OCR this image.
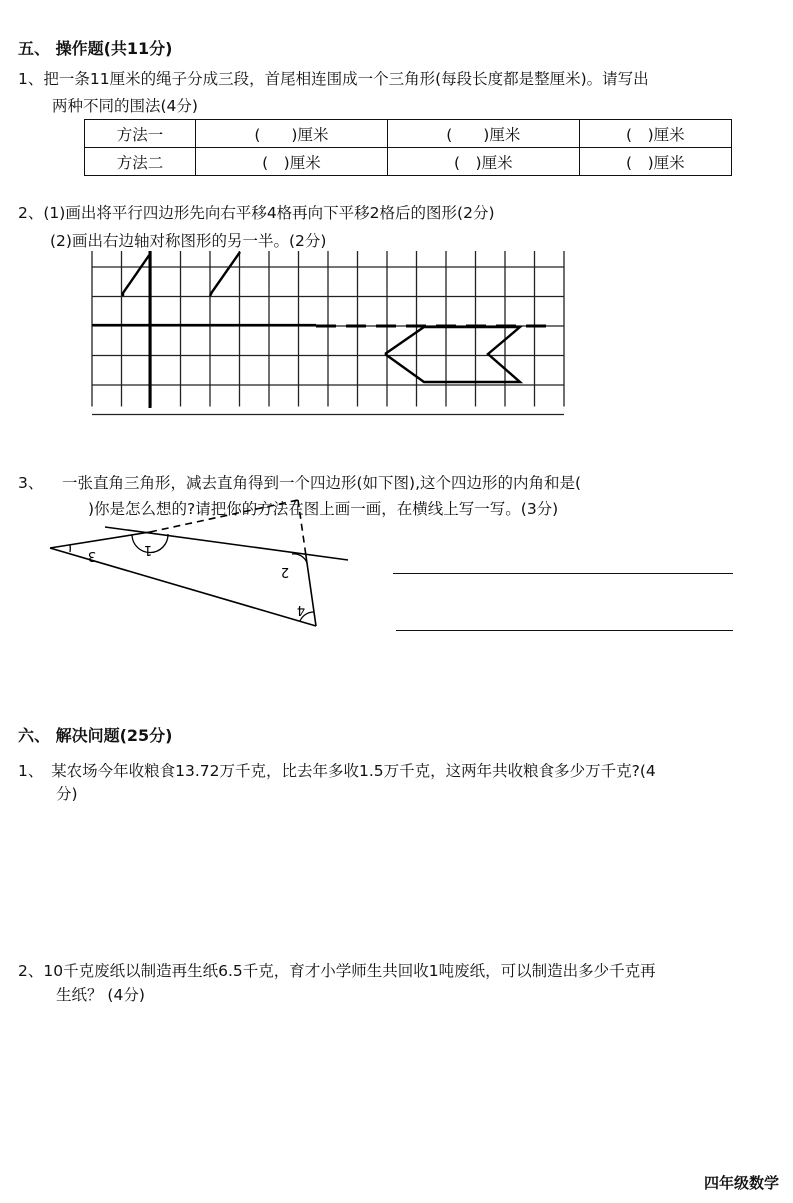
五、 操作题(共11分)
1、把一条11厘米的绳子分成三段，首尾相连围成一个三角形(每段长度都是整厘米)。请写出
两种不同的围法(4分)
方法一	(　　)厘米	(　　)厘米	(　)厘米
方法二	(　)厘米	(　)厘米	(　)厘米
2、(1)画出将平行四边形先向右平移4格再向下平移2格后的图形(2分)
(2)画出右边轴对称图形的另一半。(2分)
3、 一张直角三角形，减去直角得到一个四边形(如下图),这个四边形的内角和是(
)你是怎么想的?请把你的方法在图上画一画，在横线上写一写。(3分)
1
2
3
4
六、 解决问题(25分)
1、　某农场今年收粮食13.72万千克，比去年多收1.5万千克，这两年共收粮食多少万千克?(4
分)
2、10千克废纸以制造再生纸6.5千克，育才小学师生共回收1吨废纸，可以制造出多少千克再
生纸？ (4分)
四年级数学
